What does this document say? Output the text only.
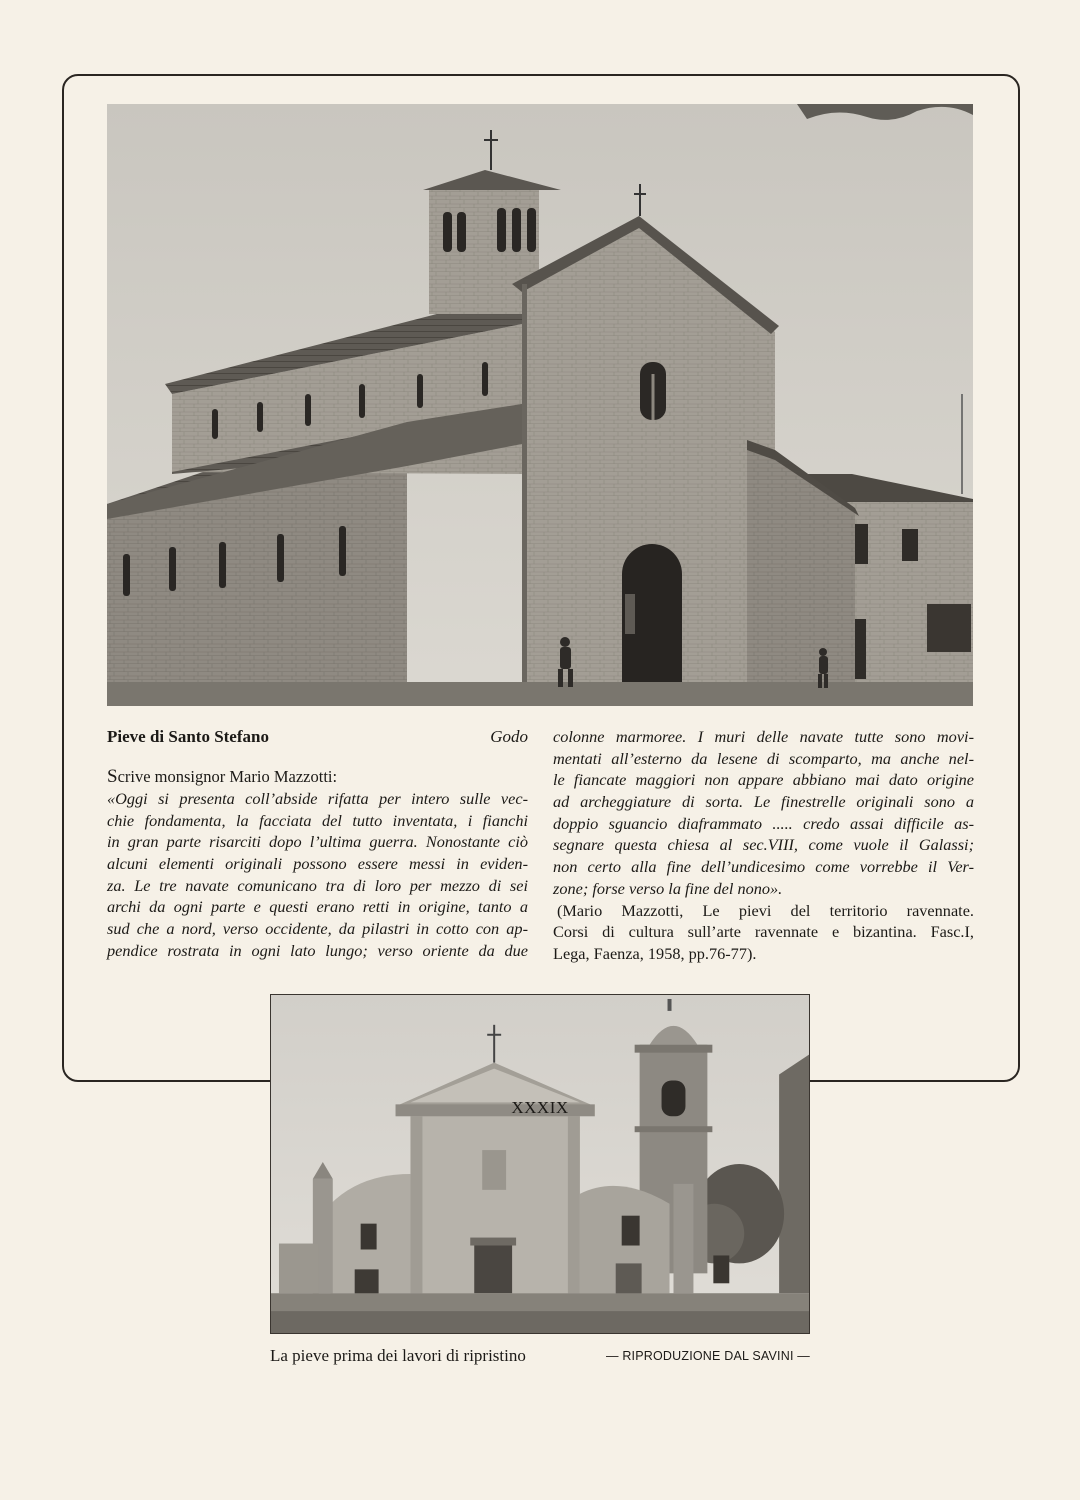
Pieve di Santo Stefano	Godo
Scrive monsignor Mario Mazzotti:
«Oggi si presenta coll’abside rifatta per intero sulle vec-
chie fondamenta, la facciata del tutto inventata, i fianchi
in gran parte risarciti dopo l’ultima guerra. Nonostante ciò
alcuni elementi originali possono essere messi in eviden-
za. Le tre navate comunicano tra di loro per mezzo di sei
archi da ogni parte e questi erano retti in origine, tanto a
sud che a nord, verso occidente, da pilastri in cotto con ap-
pendice rostrata in ogni lato lungo; verso oriente da due
colonne marmoree. I muri delle navate tutte sono movi-
mentati all’esterno da lesene di scomparto, ma anche nel-
le fiancate maggiori non appare abbiano mai dato origine
ad archeggiature di sorta. Le finestrelle originali sono a
doppio sguancio diaframmato ..... credo assai difficile as-
segnare questa chiesa al sec.VIII, come vuole il Galassi;
non certo alla fine dell’undicesimo come vorrebbe il Ver-
zone; forse verso la fine del nono».
(Mario Mazzotti, Le pievi del territorio ravennate.
Corsi di cultura sull’arte ravennate e bizantina. Fasc.I,
Lega, Faenza, 1958, pp.76-77).
La pieve prima dei lavori di ripristino	— RIPRODUZIONE DAL SAVINI —
XXXIX
